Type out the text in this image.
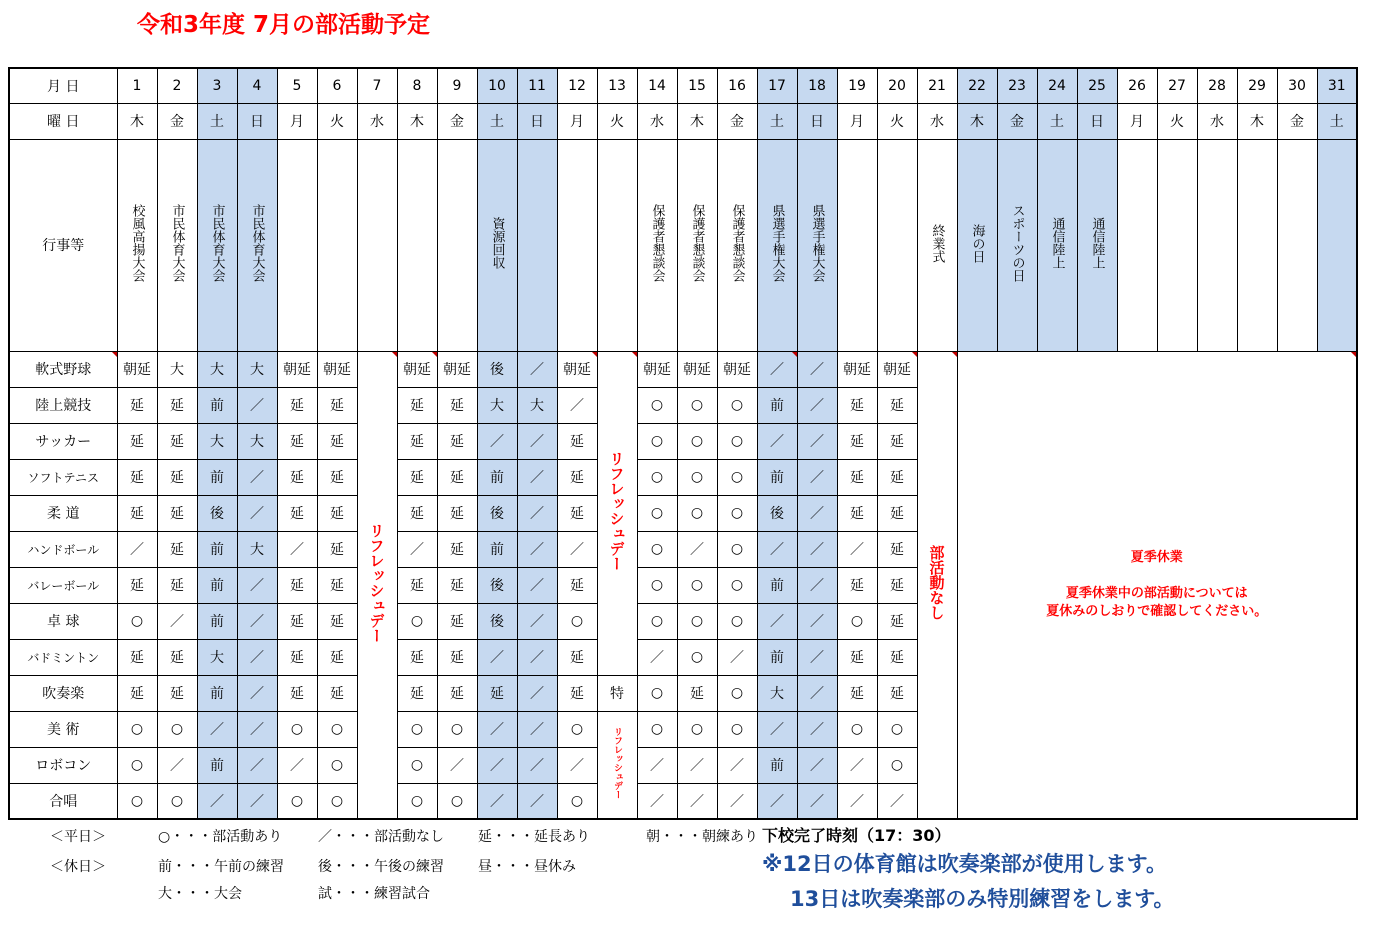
令和3年度 7月の部活動予定
月 日	1	2	3	4	5	6	7	8	9	10	11	12	13	14	15	16	17	18	19	20	21	22	23	24	25	26	27	28	29	30	31
曜 日	木	金	土	日	月	火	水	木	金	土	日	月	火	水	木	金	土	日	月	火	水	木	金	土	日	月	火	水	木	金	土
行事等	校風高揚大会	市民体育大会	市民体育大会	市民体育大会						資源回収				保護者懇談会	保護者懇談会	保護者懇談会	県選手権大会	県選手権大会			終業式	海の日	スポーツの日	通信陸上	通信陸上						
軟式野球	朝延	大	大	大	朝延	朝延	リフレッシュデー	朝延	朝延	後	／	朝延	リフレッシュデー	朝延	朝延	朝延	／	／	朝延	朝延	部活動なし	夏季休業
夏季休業中の部活動については
夏休みのしおりで確認してください。									

陸上競技	延	延	前	／	延	延		延	延	大	大	／		○	○	○	前	／	延	延											
サッカー	延	延	大	大	延	延		延	延	／	／	延		○	○	○	／	／	延	延											
ソフトテニス	延	延	前	／	延	延		延	延	前	／	延		○	○	○	前	／	延	延											
柔 道	延	延	後	／	延	延		延	延	後	／	延		○	○	○	後	／	延	延											
ハンドボール	／	延	前	大	／	延		／	延	前	／	／		○	／	○	／	／	／	延											
バレーボール	延	延	前	／	延	延		延	延	後	／	延		○	○	○	前	／	延	延											
卓 球	○	／	前	／	延	延		○	延	後	／	○		○	○	○	／	／	○	延											
バドミントン	延	延	大	／	延	延		延	延	／	／	延		／	○	／	前	／	延	延											
吹奏楽	延	延	前	／	延	延		延	延	延	／	延	特	○	延	○	大	／	延	延											
美 術	○	○	／	／	○	○		○	○	／	／	○	リフレッシュデー	○	○	○	／	／	○	○											
ロボコン	○	／	前	／	／	○		○	／	／	／	／		／	／	／	前	／	／	○											
合唱	○	○	／	／	○	○		○	○	／	／	○		／	／	／	／	／	／	／											
＜平日＞	○・・・部活動あり	／・・・部活動なし 延・・・延長あり	朝・・・朝練あり 下校完了時刻（17：30）
＜休日＞	前・・・午前の練習 後・・・午後の練習 昼・・・昼休み
大・・・大会	試・・・練習試合
※12日の体育館は吹奏楽部が使用します。
13日は吹奏楽部のみ特別練習をします。
